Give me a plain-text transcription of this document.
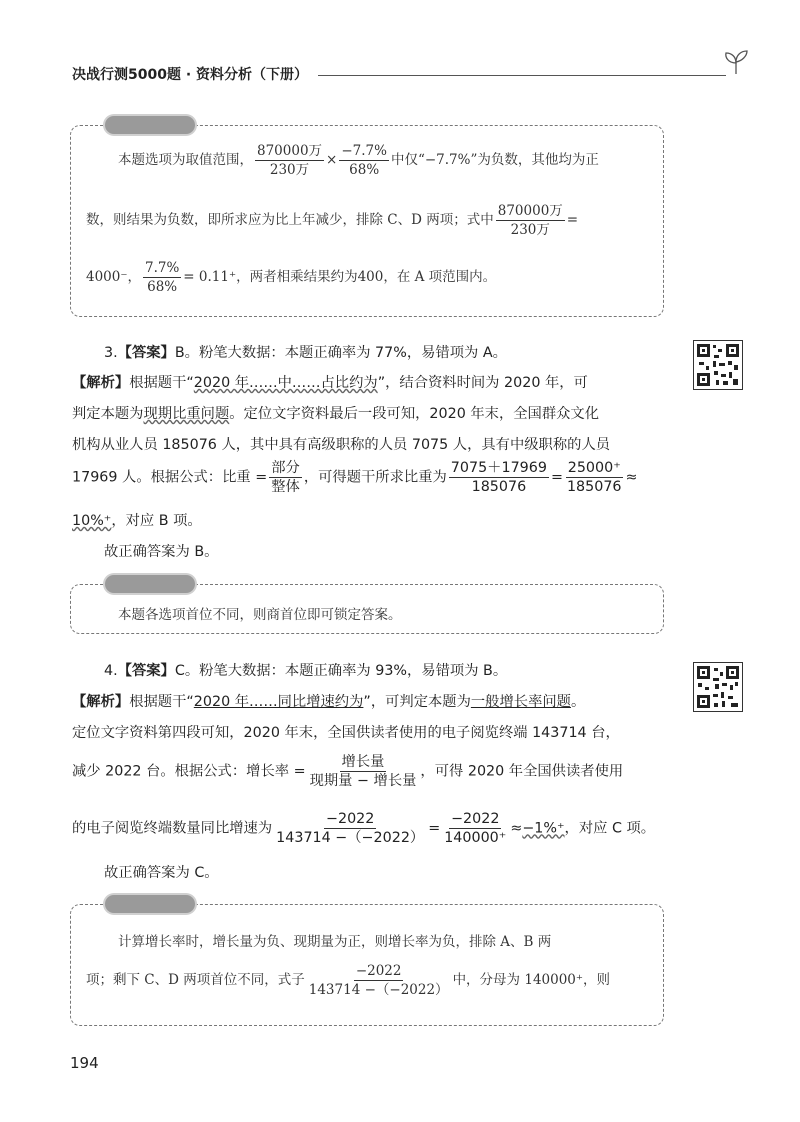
决战行测5000题 · 资料分析（下册）
本题选项为取值范围， $\frac{\text{870000万}}{\text{230万}} \times \frac{-7.7\%}{68\%}$ 中仅“−7.7%”为负数，其他均为正
数，则结果为负数，即所求应为比上年减少，排除 C、D 两项；式中 $\frac{\text{870000万}}{\text{230万}}$ =
4000⁻， $\frac{7.7\%}{68\%} = 0.11^+$，两者相乘结果约为400，在 A 项范围内。
3.【答案】B。粉笔大数据：本题正确率为 77%，易错项为 A。
【解析】根据题干“2020 年……中……占比约为”，结合资料时间为 2020 年，可
判定本题为现期比重问题。定位文字资料最后一段可知，2020 年末，全国群众文化
机构从业人员 185076 人，其中具有高级职称的人员 7075 人，具有中级职称的人员
17969 人。根据公式：比重 = $\frac{\text{部分}}{\text{整体}}$ ，可得题干所求比重为 $\frac{7075+17969}{185076} = \frac{25000^+}{185076}$ ≈
10%⁺，对应 B 项。
故正确答案为 B。
本题各选项首位不同，则商首位即可锁定答案。
4.【答案】C。粉笔大数据：本题正确率为 93%，易错项为 B。
【解析】根据题干“2020 年……同比增速约为”，可判定本题为一般增长率问题。
定位文字资料第四段可知，2020 年末，全国供读者使用的电子阅览终端 143714 台，
减少 2022 台。根据公式：增长率 = $\frac{\text{增长量}}{\text{现期量 − 增长量}}$ ，可得 2020 年全国供读者使用
的电子阅览终端数量同比增速为 $\frac{-2022}{143714 -(-2022)} = \frac{-2022}{140000^+} \approx-1\%^+$，对应 C 项。
故正确答案为 C。
计算增长率时，增长量为负、现期量为正，则增长率为负，排除 A、B 两
项；剩下 C、D 两项首位不同，式子 $\frac{-2022}{143714 -(-2022)}$ 中，分母为 140000⁺，则
194
